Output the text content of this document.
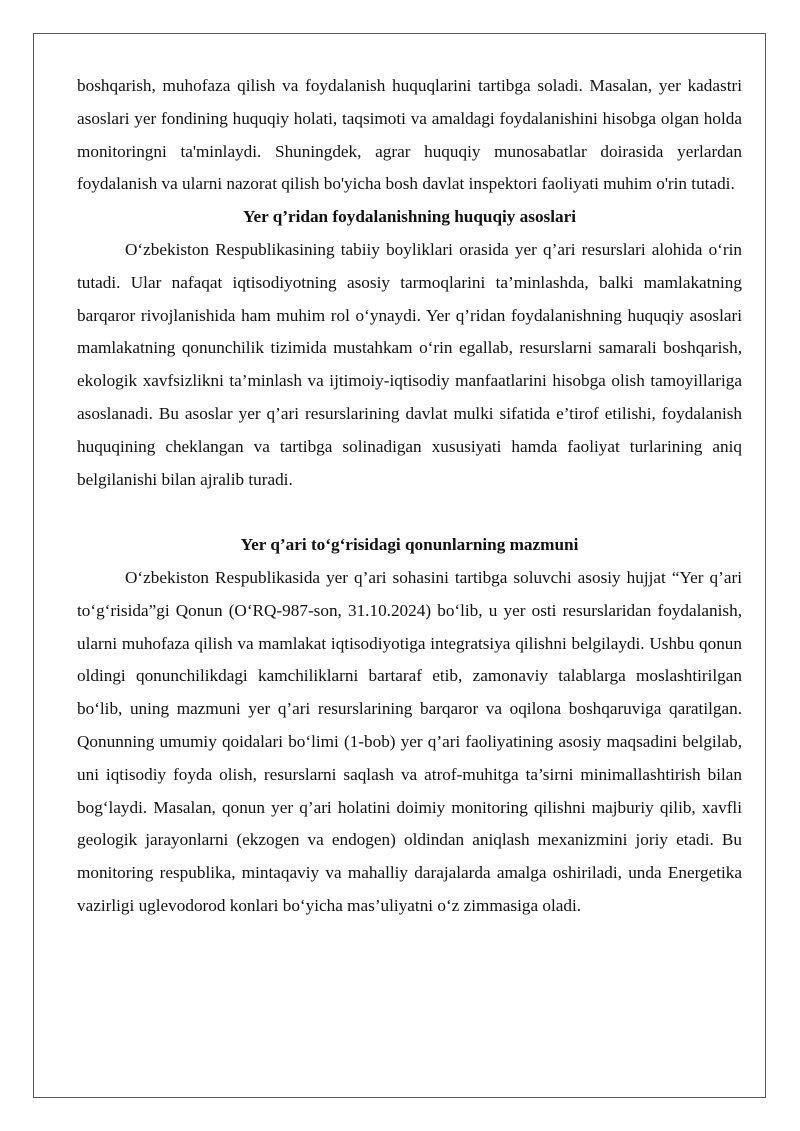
boshqarish, muhofaza qilish va foydalanish huquqlarini tartibga soladi. Masalan, yer kadastri asoslari yer fondining huquqiy holati, taqsimoti va amaldagi foydalanishini hisobga olgan holda monitoringni ta'minlaydi. Shuningdek, agrar huquqiy munosabatlar doirasida yerlardan foydalanish va ularni nazorat qilish bo'yicha bosh davlat inspektori faoliyati muhim o'rin tutadi.

Yer q’ridan foydalanishning huquqiy asoslari

O‘zbekiston Respublikasining tabiiy boyliklari orasida yer q’ari resurslari alohida o‘rin tutadi. Ular nafaqat iqtisodiyotning asosiy tarmoqlarini ta’minlashda, balki mamlakatning barqaror rivojlanishida ham muhim rol o‘ynaydi. Yer q’ridan foydalanishning huquqiy asoslari mamlakatning qonunchilik tizimida mustahkam o‘rin egallab, resurslarni samarali boshqarish, ekologik xavfsizlikni ta’minlash va ijtimoiy-iqtisodiy manfaatlarini hisobga olish tamoyillariga asoslanadi. Bu asoslar yer q’ari resurslarining davlat mulki sifatida e’tirof etilishi, foydalanish huquqining cheklangan va tartibga solinadigan xususiyati hamda faoliyat turlarining aniq belgilanishi bilan ajralib turadi.

Yer q’ari to‘g‘risidagi qonunlarning mazmuni

O‘zbekiston Respublikasida yer q’ari sohasini tartibga soluvchi asosiy hujjat “Yer q’ari to‘g‘risida”gi Qonun (O‘RQ-987-son, 31.10.2024) bo‘lib, u yer osti resurslaridan foydalanish, ularni muhofaza qilish va mamlakat iqtisodiyotiga integratsiya qilishni belgilaydi. Ushbu qonun oldingi qonunchilikdagi kamchiliklarni bartaraf etib, zamonaviy talablarga moslashtirilgan bo‘lib, uning mazmuni yer q’ari resurslarining barqaror va oqilona boshqaruviga qaratilgan. Qonunning umumiy qoidalari bo‘limi (1-bob) yer q’ari faoliyatining asosiy maqsadini belgilab, uni iqtisodiy foyda olish, resurslarni saqlash va atrof-muhitga ta’sirni minimallashtirish bilan bog‘laydi. Masalan, qonun yer q’ari holatini doimiy monitoring qilishni majburiy qilib, xavfli geologik jarayonlarni (ekzogen va endogen) oldindan aniqlash mexanizmini joriy etadi. Bu monitoring respublika, mintaqaviy va mahalliy darajalarda amalga oshiriladi, unda Energetika vazirligi uglevodorod konlari bo‘yicha mas’uliyatni o‘z zimmasiga oladi.
